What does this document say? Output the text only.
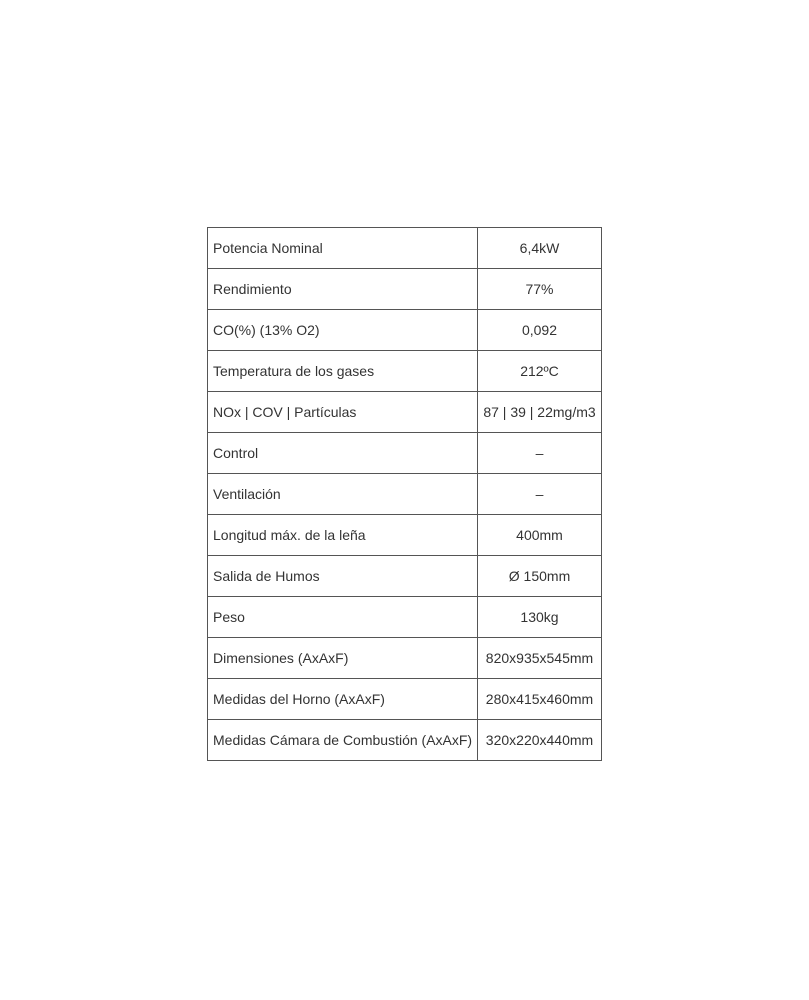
Potencia Nominal	6,4kW
Rendimiento	77%
CO(%) (13% O2)	0,092
Temperatura de los gases	212ºC
NOx | COV | Partículas	87 | 39 | 22mg/m3
Control	–
Ventilación	–
Longitud máx. de la leña	400mm
Salida de Humos	Ø 150mm
Peso	130kg
Dimensiones (AxAxF)	820x935x545mm
Medidas del Horno (AxAxF)	280x415x460mm
Medidas Cámara de Combustión (AxAxF)	320x220x440mm
